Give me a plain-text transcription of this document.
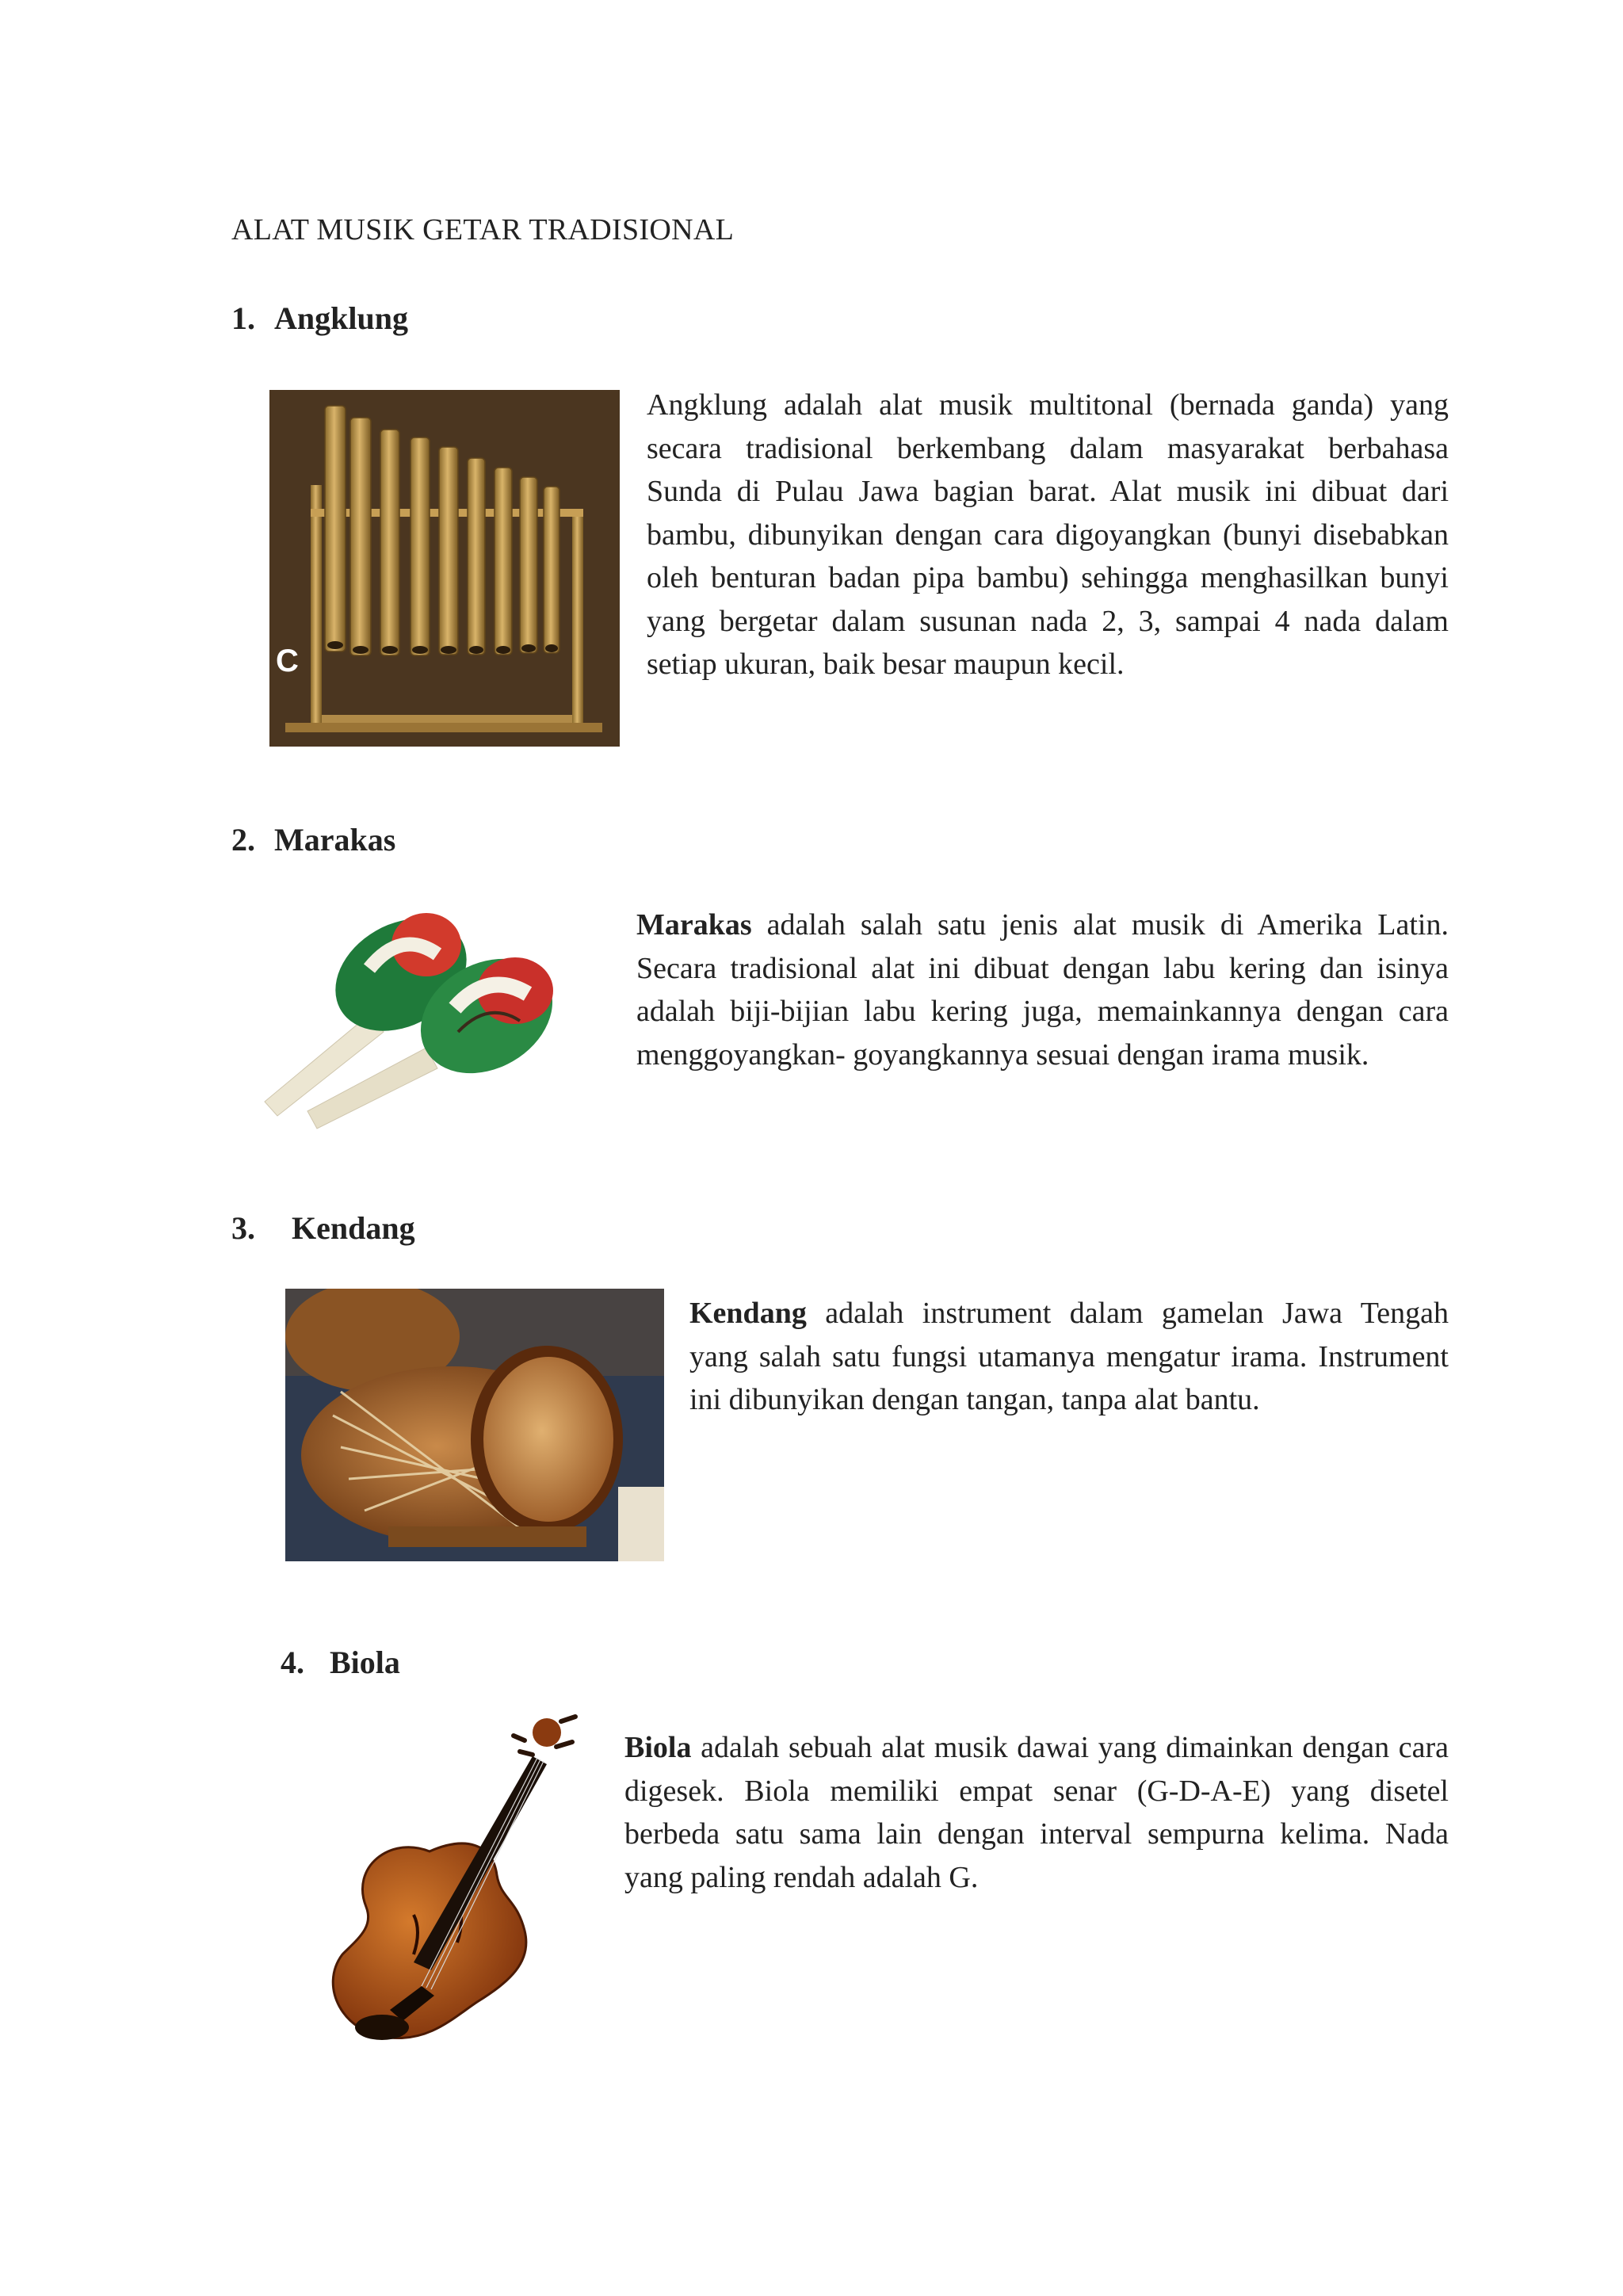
ALAT MUSIK GETAR TRADISIONAL
1. Angklung
C

Angklung adalah alat musik multitonal (bernada ganda) yang secara tradisional berkembang dalam masyarakat berbahasa Sunda di Pulau Jawa bagian barat. Alat musik ini dibuat dari bambu, dibunyikan dengan cara digoyangkan (bunyi disebabkan oleh benturan badan pipa bambu) sehingga menghasilkan bunyi yang bergetar dalam susunan nada 2, 3, sampai 4 nada dalam setiap ukuran, baik besar maupun kecil.

2. Marakas

Marakas adalah salah satu jenis alat musik di Amerika Latin. Secara tradisional alat ini dibuat dengan labu kering dan isinya adalah biji-bijian labu kering juga, memainkannya dengan cara menggoyangkan- goyangkannya sesuai dengan irama musik.

3. Kendang

Kendang adalah instrument dalam gamelan Jawa Tengah yang salah satu fungsi utamanya mengatur irama. Instrument ini dibunyikan dengan tangan, tanpa alat bantu.

4. Biola

Biola adalah sebuah alat musik dawai yang dimainkan dengan cara digesek. Biola memiliki empat senar (G-D-A-E) yang disetel berbeda satu sama lain dengan interval sempurna kelima. Nada yang paling rendah adalah G.
